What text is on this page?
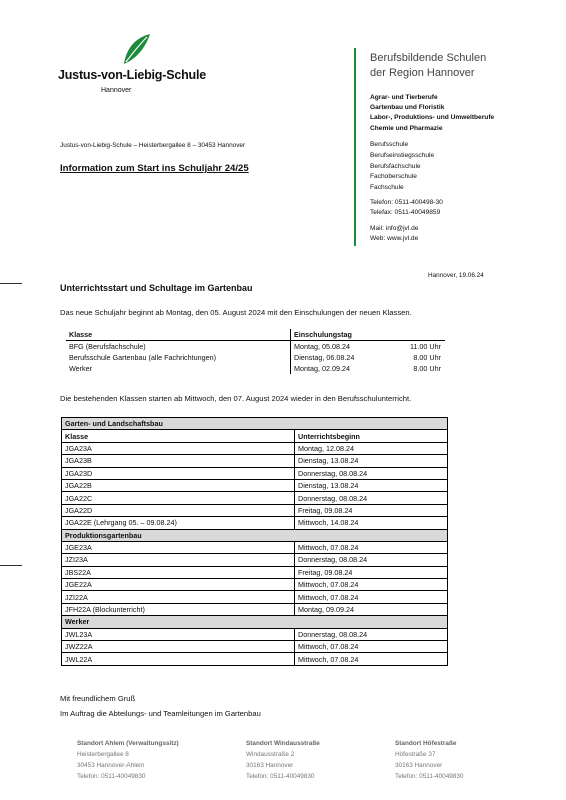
Justus-von-Liebig-Schule
Hannover
Berufsbildende Schulen
der Region Hannover
Agrar- und Tierberufe
Gartenbau und Floristik
Labor-, Produktions- und Umweltberufe
Chemie und Pharmazie
Berufsschule
Berufseinstiegsschule
Berufsfachschule
Fachoberschule
Fachschule
Telefon: 0511-400498-30
Telefax: 0511-40049859
Mail: info@jvl.de
Web: www.jvl.de
Justus-von-Liebig-Schule – Heisterbergallee 8 – 30453 Hannover
Information zum Start ins Schuljahr 24/25
Hannover, 19.06.24
Unterrichtsstart und Schultage im Gartenbau
Das neue Schuljahr beginnt ab Montag, den 05. August 2024 mit den Einschulungen der neuen Klassen.
Klasse	Einschulungstag	
BFG (Berufsfachschule)	Montag, 05.08.24	11.00 Uhr
Berufsschule Gartenbau (alle Fachrichtungen)	Dienstag, 06.08.24	8.00 Uhr
Werker	Montag, 02.09.24	8.00 Uhr
Die bestehenden Klassen starten ab Mittwoch, den 07. August 2024 wieder in den Berufsschulunterricht.
Garten- und Landschaftsbau	
Klasse	Unterrichtsbeginn
JGA23A	Montag, 12.08.24
JGA23B	Dienstag, 13.08.24
JGA23D	Donnerstag, 08.08.24
JGA22B	Dienstag, 13.08.24
JGA22C	Donnerstag, 08.08.24
JGA22D	Freitag, 09.08.24
JGA22E (Lehrgang 05. – 09.08.24)	Mittwoch, 14.08.24
Produktionsgartenbau	
JGE23A	Mittwoch, 07.08.24
JZI23A	Donnerstag, 08.08.24
JBS22A	Freitag, 09.08.24
JGE22A	Mittwoch, 07.08.24
JZI22A	Mittwoch, 07.08.24
JFH22A (Blockunterricht)	Montag, 09.09.24
Werker	
JWL23A	Donnerstag, 08.08.24
JWZ22A	Mittwoch, 07.08.24
JWL22A	Mittwoch, 07.08.24
Mit freundlichem Gruß
Im Auftrag die Abteilungs- und Teamleitungen im Gartenbau
Standort Ahlem (Verwaltungssitz)
Heisterbergallee 8
30453 Hannover-Ahlem
Telefon: 0511-40049830
Standort Windausstraße
Windausstraße 2
30163 Hannover
Telefon: 0511-40049830
Standort Höfestraße
Höfestraße 37
30163 Hannover
Telefon: 0511-40049830
